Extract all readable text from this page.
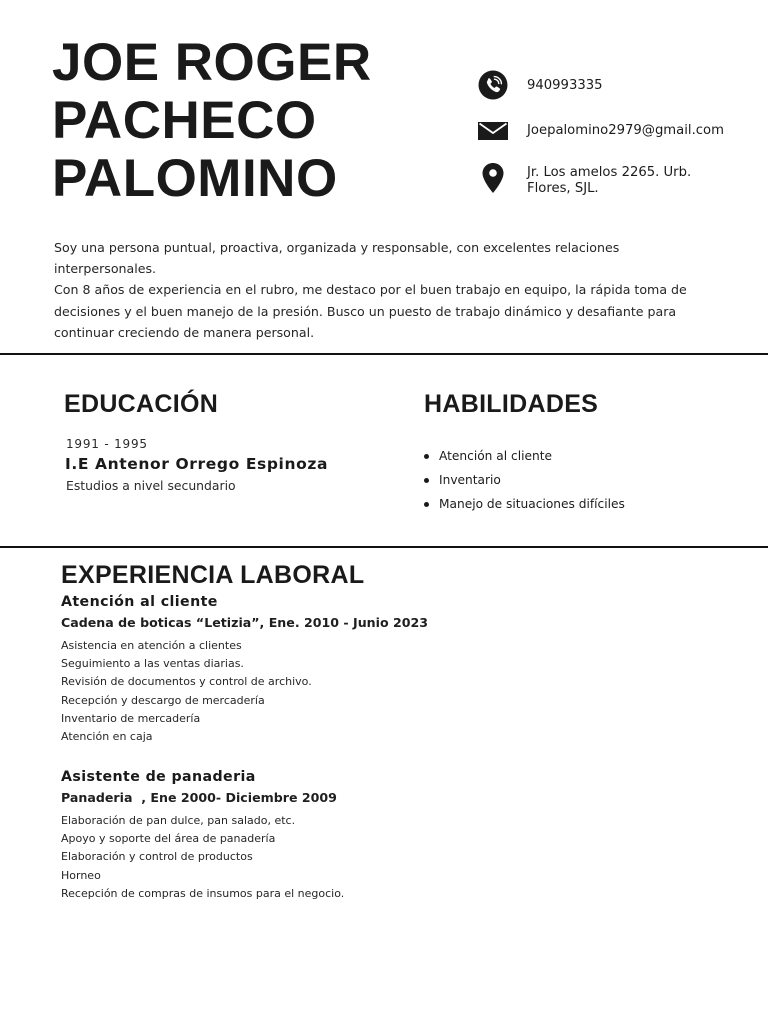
JOE ROGER
PACHECO
PALOMINO
940993335
Joepalomino2979@gmail.com
Jr. Los amelos 2265. Urb.
Flores, SJL.
Soy una persona puntual, proactiva, organizada y responsable, con excelentes relaciones
interpersonales.
Con 8 años de experiencia en el rubro, me destaco por el buen trabajo en equipo, la rápida toma de
decisiones y el buen manejo de la presión. Busco un puesto de trabajo dinámico y desafiante para
continuar creciendo de manera personal.
EDUCACIÓN
1991 - 1995
I.E Antenor Orrego Espinoza
Estudios a nivel secundario
HABILIDADES
Atención al cliente
Inventario
Manejo de situaciones difíciles
EXPERIENCIA LABORAL
Atención al cliente
Cadena de boticas “Letizia”, Ene. 2010 - Junio 2023
Asistencia en atención a clientes
Seguimiento a las ventas diarias.
Revisión de documentos y control de archivo.
Recepción y descargo de mercadería
Inventario de mercadería
Atención en caja
Asistente de panaderia
Panaderia  , Ene 2000- Diciembre 2009
Elaboración de pan dulce, pan salado, etc.
Apoyo y soporte del área de panadería
Elaboración y control de productos
Horneo
Recepción de compras de insumos para el negocio.
